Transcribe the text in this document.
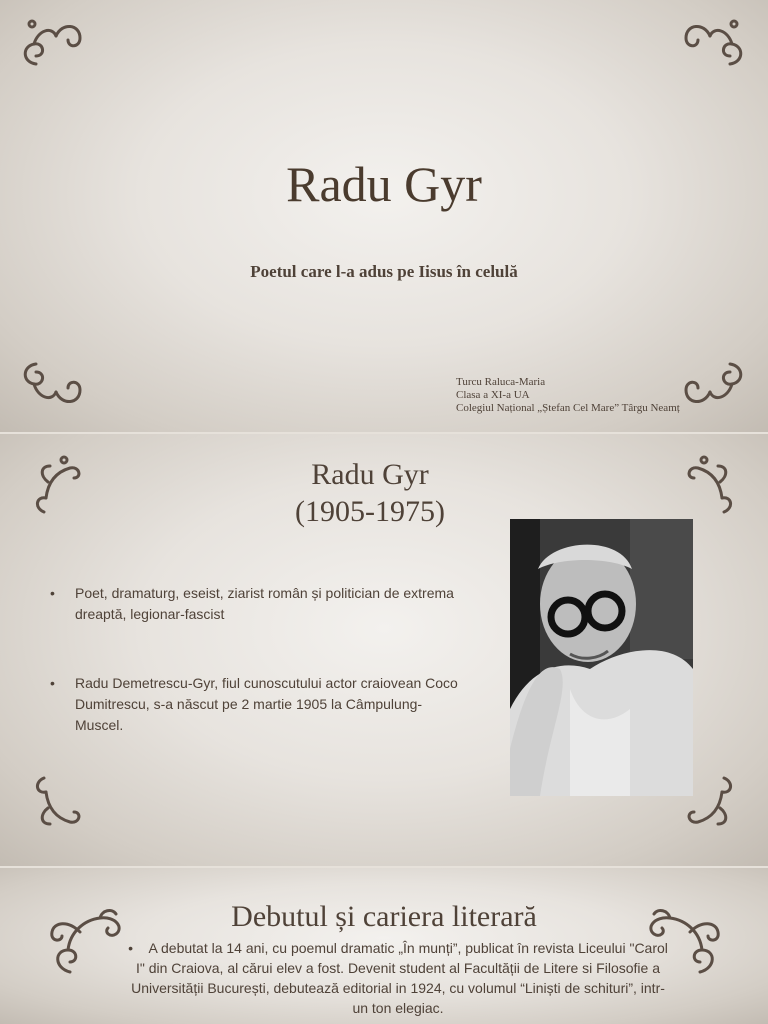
Radu Gyr
Poetul care l-a adus pe Iisus în celulă
Turcu Raluca-Maria
Clasa a XI-a UA
Colegiul Național „Ștefan Cel Mare” Târgu Neamț
Radu Gyr
(1905-1975)
• Poet, dramaturg, eseist, ziarist român și politician de extrema dreaptă, legionar-fascist
• Radu Demetrescu-Gyr, fiul cunoscutului actor craiovean Coco Dumitrescu, s-a născut pe 2 martie 1905 la Câmpulung-Muscel.
Debutul și cariera literară
• A debutat la 14 ani, cu poemul dramatic „În munți”, publicat în revista Liceului "Carol I" din Craiova, al cărui elev a fost. Devenit student al Facultății de Litere si Filosofie a Universității București, debutează editorial in 1924, cu volumul “Liniști de schituri”, intr-un ton elegiac.
